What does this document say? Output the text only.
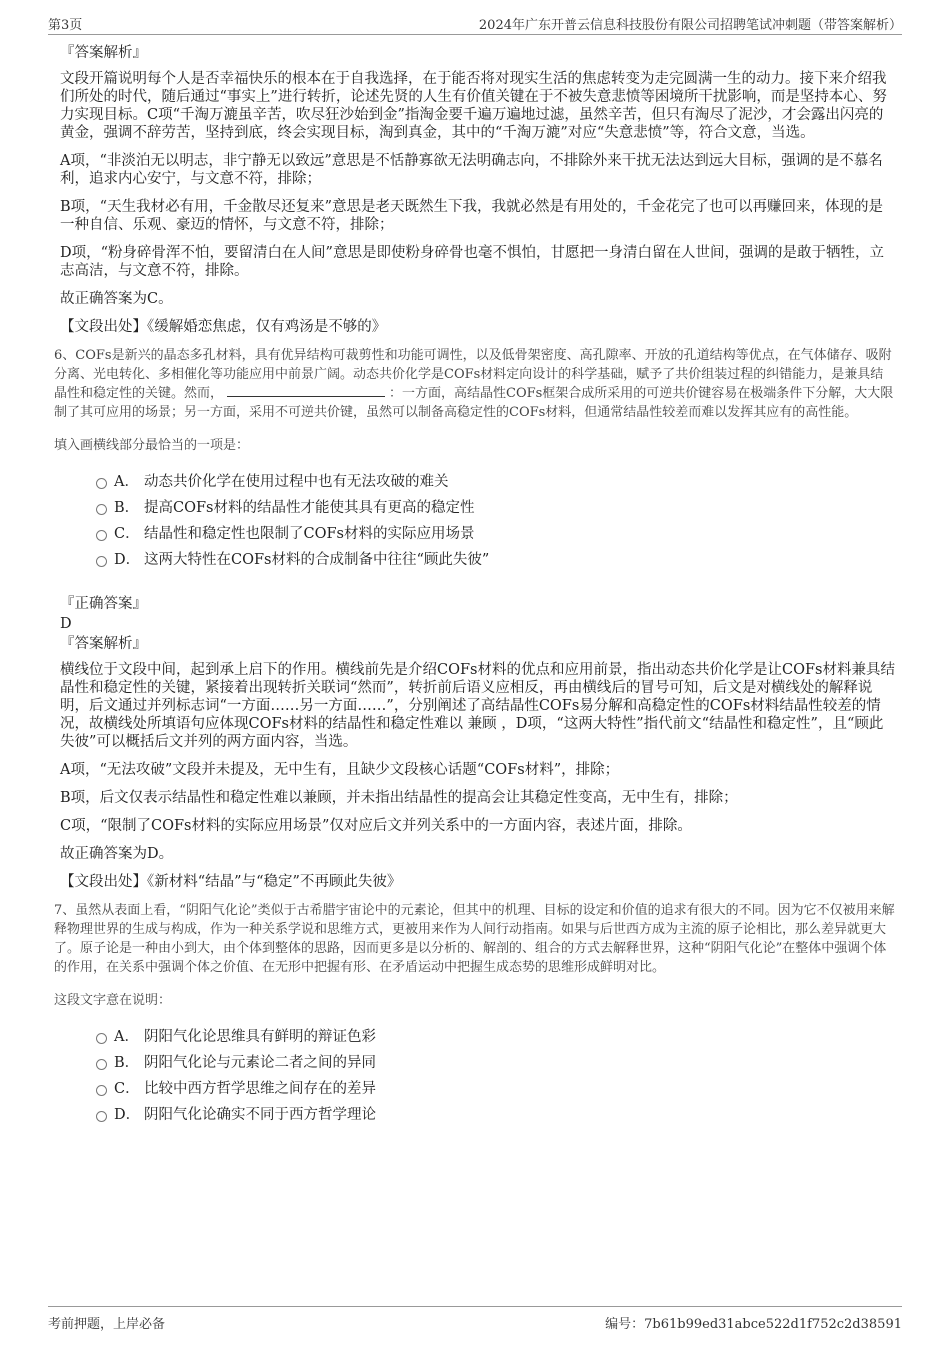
第3页	2024年广东开普云信息科技股份有限公司招聘笔试冲刺题（带答案解析）

『答案解析』

文段开篇说明每个人是否幸福快乐的根本在于自我选择，在于能否将对现实生活的焦虑转变为走完圆满一生的动力。接下来介绍我们所处的时代，随后通过“事实上”进行转折，论述先贤的人生有价值关键在于不被失意悲愤等困境所干扰影响，而是坚持本心、努力实现目标。C项“千淘万漉虽辛苦，吹尽狂沙始到金”指淘金要千遍万遍地过滤，虽然辛苦，但只有淘尽了泥沙，才会露出闪亮的黄金，强调不辞劳苦，坚持到底，终会实现目标，淘到真金，其中的“千淘万漉”对应“失意悲愤”等，符合文意，当选。

A项，“非淡泊无以明志，非宁静无以致远”意思是不恬静寡欲无法明确志向，不排除外来干扰无法达到远大目标，强调的是不慕名利，追求内心安宁，与文意不符，排除；

B项，“天生我材必有用，千金散尽还复来”意思是老天既然生下我，我就必然是有用处的，千金花完了也可以再赚回来，体现的是一种自信、乐观、豪迈的情怀，与文意不符，排除；

D项，“粉身碎骨浑不怕，要留清白在人间”意思是即使粉身碎骨也毫不惧怕，甘愿把一身清白留在人世间，强调的是敢于牺牲，立志高洁，与文意不符，排除。

故正确答案为C。

【文段出处】《缓解婚恋焦虑，仅有鸡汤是不够的》

6、COFs是新兴的晶态多孔材料，具有优异结构可裁剪性和功能可调性，以及低骨架密度、高孔隙率、开放的孔道结构等优点，在气体储存、吸附分离、光电转化、多相催化等功能应用中前景广阔。动态共价化学是COFs材料定向设计的科学基础，赋予了共价组装过程的纠错能力，是兼具结晶性和稳定性的关键。然而，	：一方面，高结晶性COFs框架合成所采用的可逆共价键容易在极端条件下分解，大大限制了其可应用的场景；另一方面，采用不可逆共价键，虽然可以制备高稳定性的COFs材料，但通常结晶性较差而难以发挥其应有的高性能。
填入画横线部分最恰当的一项是：
A． 动态共价化学在使用过程中也有无法攻破的难关
B． 提高COFs材料的结晶性才能使其具有更高的稳定性
C． 结晶性和稳定性也限制了COFs材料的实际应用场景
D． 这两大特性在COFs材料的合成制备中往往“顾此失彼”

『正确答案』

D

『答案解析』

横线位于文段中间，起到承上启下的作用。横线前先是介绍COFs材料的优点和应用前景，指出动态共价化学是让COFs材料兼具结晶性和稳定性的关键，紧接着出现转折关联词“然而”，转折前后语义应相反，再由横线后的冒号可知，后文是对横线处的解释说明，后文通过并列标志词“一方面……另一方面……”，分别阐述了高结晶性COFs易分解和高稳定性的COFs材料结晶性较差的情况，故横线处所填语句应体现COFs材料的结晶性和稳定性难以 兼顾 ，D项，“这两大特性”指代前文“结晶性和稳定性”，且“顾此失彼”可以概括后文并列的两方面内容，当选。

A项，“无法攻破”文段并未提及，无中生有，且缺少文段核心话题“COFs材料”，排除；

B项，后文仅表示结晶性和稳定性难以兼顾，并未指出结晶性的提高会让其稳定性变高，无中生有，排除；

C项，“限制了COFs材料的实际应用场景”仅对应后文并列关系中的一方面内容，表述片面，排除。

故正确答案为D。

【文段出处】《新材料“结晶”与“稳定”不再顾此失彼》

7、虽然从表面上看，“阴阳气化论”类似于古希腊宇宙论中的元素论，但其中的机理、目标的设定和价值的追求有很大的不同。因为它不仅被用来解释物理世界的生成与构成，作为一种关系学说和思维方式，更被用来作为人间行动指南。如果与后世西方成为主流的原子论相比，那么差异就更大了。原子论是一种由小到大，由个体到整体的思路，因而更多是以分析的、解剖的、组合的方式去解释世界，这种“阴阳气化论”在整体中强调个体的作用，在关系中强调个体之价值、在无形中把握有形、在矛盾运动中把握生成态势的思维形成鲜明对比。
这段文字意在说明：
A． 阴阳气化论思维具有鲜明的辩证色彩
B． 阴阳气化论与元素论二者之间的异同
C． 比较中西方哲学思维之间存在的差异
D． 阴阳气化论确实不同于西方哲学理论
考前押题，上岸必备	编号：7b61b99ed31abce522d1f752c2d38591
